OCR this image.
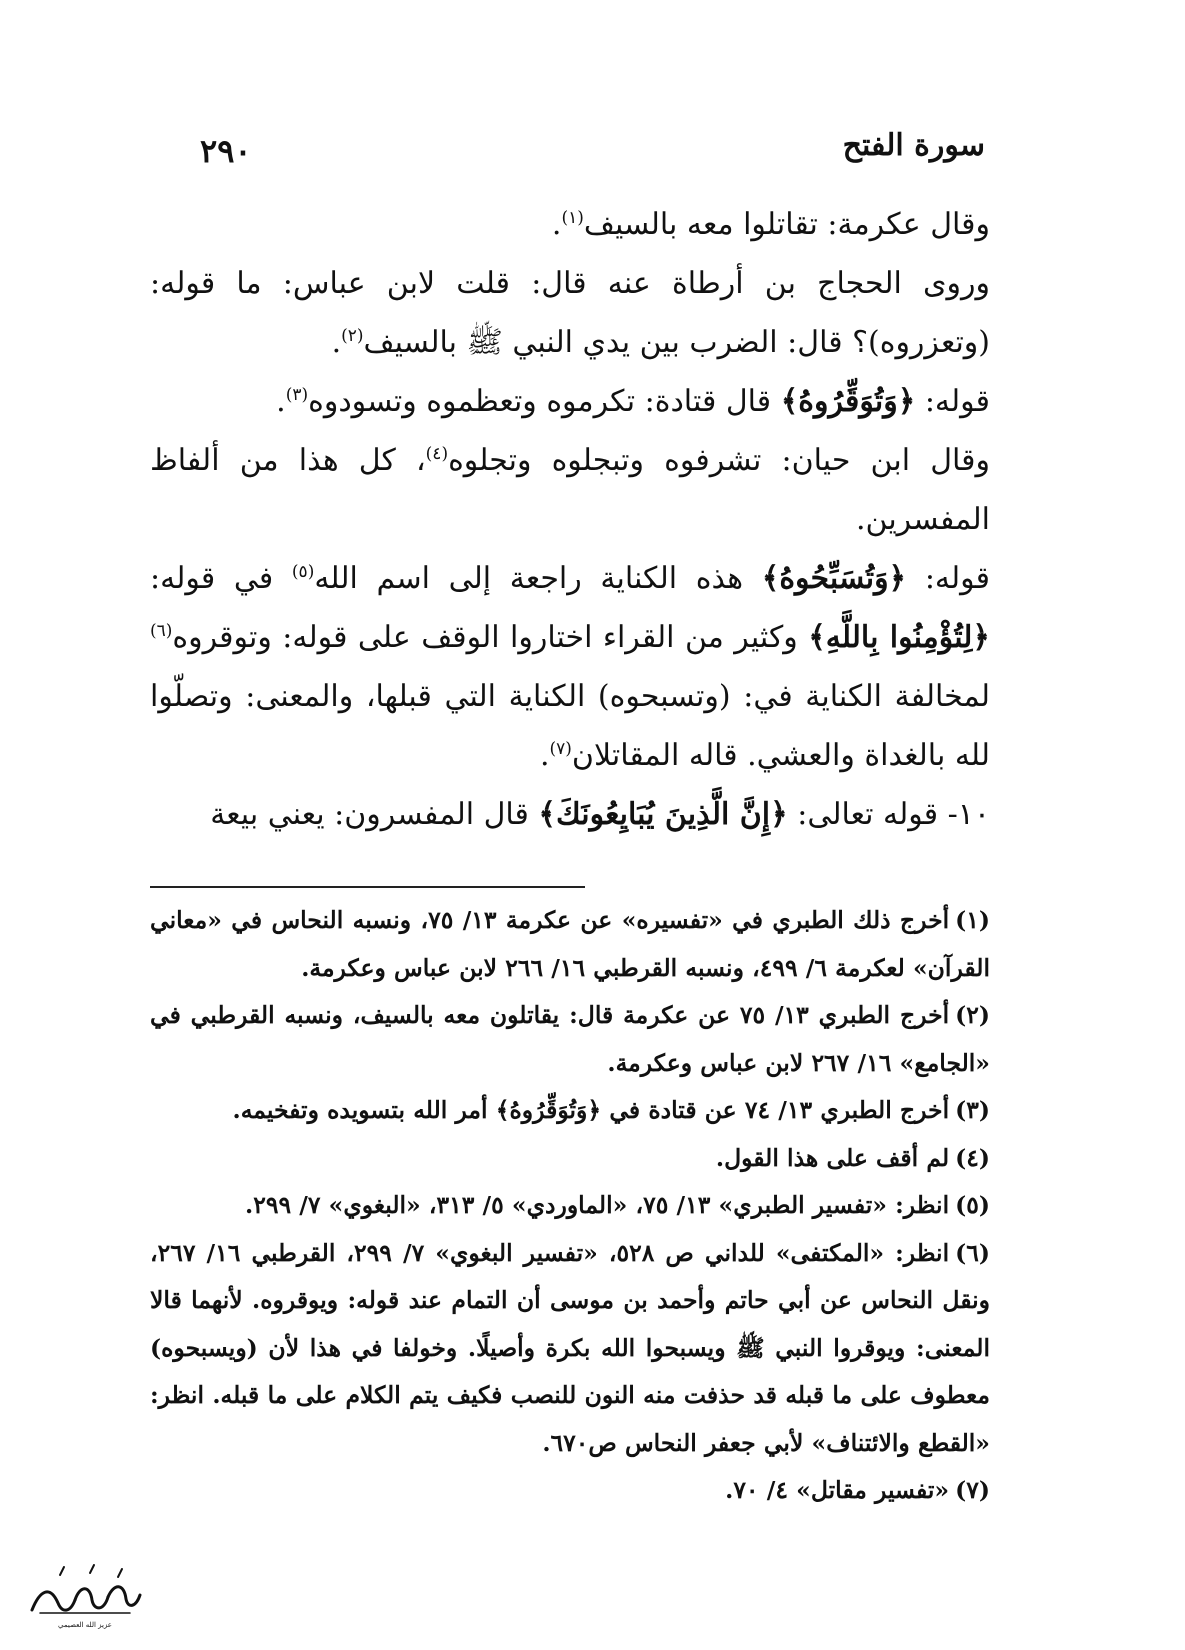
سورة الفتح
٢٩٠

وقال عكرمة: تقاتلوا معه بالسيف$^{(١)}$.

وروى الحجاج بن أرطاة عنه قال: قلت لابن عباس: ما قوله: (وتعزروه)؟ قال: الضرب بين يدي النبي ﷺ بالسيف$^{(٢)}$.

قوله: ﴿وَتُوَقِّرُوهُ﴾ قال قتادة: تكرموه وتعظموه وتسودوه$^{(٣)}$.

وقال ابن حيان: تشرفوه وتبجلوه وتجلوه$^{(٤)}$، كل هذا من ألفاظ المفسرين.

قوله: ﴿وَتُسَبِّحُوهُ﴾ هذه الكناية راجعة إلى اسم الله$^{(٥)}$ في قوله: ﴿لِتُؤْمِنُوا بِاللَّهِ﴾ وكثير من القراء اختاروا الوقف على قوله: وتوقروه$^{(٦)}$ لمخالفة الكناية في: (وتسبحوه) الكناية التي قبلها، والمعنى: وتصلّوا لله بالغداة والعشي. قاله المقاتلان$^{(٧)}$.

١٠- قوله تعالى: ﴿إِنَّ الَّذِينَ يُبَايِعُونَكَ﴾ قال المفسرون: يعني بيعة

(١)أخرج ذلك الطبري في «تفسيره» عن عكرمة ١٣/ ٧٥، ونسبه النحاس في «معاني القرآن» لعكرمة ٦/ ٤٩٩، ونسبه القرطبي ١٦/ ٢٦٦ لابن عباس وعكرمة.

(٢)أخرج الطبري ١٣/ ٧٥ عن عكرمة قال: يقاتلون معه بالسيف، ونسبه القرطبي في «الجامع» ١٦/ ٢٦٧ لابن عباس وعكرمة.

(٣)أخرج الطبري ١٣/ ٧٤ عن قتادة في ﴿وَتُوَقِّرُوهُ﴾ أمر الله بتسويده وتفخيمه.

(٤)لم أقف على هذا القول.

(٥)انظر: «تفسير الطبري» ١٣/ ٧٥، «الماوردي» ٥/ ٣١٣، «البغوي» ٧/ ٢٩٩.

(٦)انظر: «المكتفى» للداني ص ٥٢٨، «تفسير البغوي» ٧/ ٢٩٩، القرطبي ١٦/ ٢٦٧، ونقل النحاس عن أبي حاتم وأحمد بن موسى أن التمام عند قوله: ويوقروه. لأنهما قالا المعنى: ويوقروا النبي ﷺ ويسبحوا الله بكرة وأصيلًا. وخولفا في هذا لأن (ويسبحوه) معطوف على ما قبله قد حذفت منه النون للنصب فكيف يتم الكلام على ما قبله. انظر: «القطع والائتناف» لأبي جعفر النحاس ص٦٧٠.

(٧)«تفسير مقاتل» ٤/ ٧٠.

عزيز الله العصيمي
